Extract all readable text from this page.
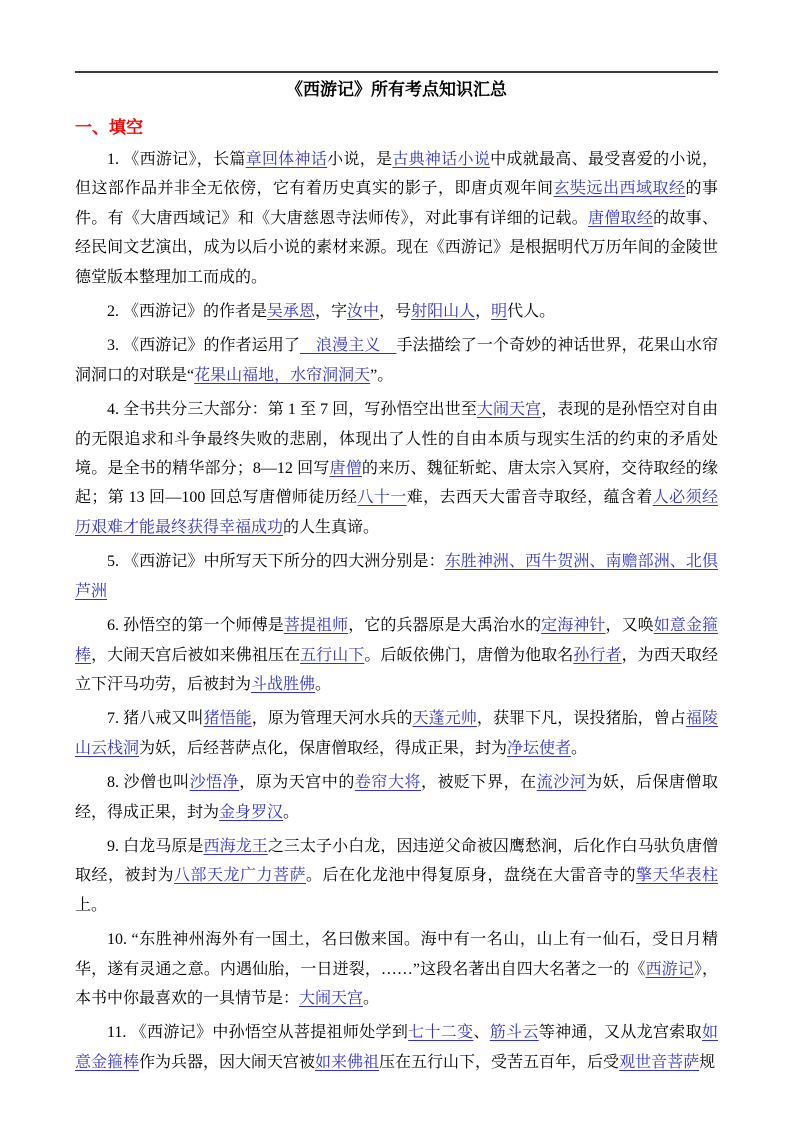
《西游记》所有考点知识汇总
一、填空

1. 《西游记》，长篇章回体神话小说，是古典神话小说中成就最高、最受喜爱的小说，但这部作品并非全无依傍，它有着历史真实的影子，即唐贞观年间玄奘远出西域取经的事件。有《大唐西域记》和《大唐慈恩寺法师传》，对此事有详细的记载。唐僧取经的故事、经民间文艺演出，成为以后小说的素材来源。现在《西游记》是根据明代万历年间的金陵世德堂版本整理加工而成的。

2. 《西游记》的作者是吴承恩，字汝中，号射阳山人，明代人。

3. 《西游记》的作者运用了　浪漫主义　手法描绘了一个奇妙的神话世界，花果山水帘洞洞口的对联是“花果山福地，水帘洞洞天”。

4. 全书共分三大部分：第 1 至 7 回，写孙悟空出世至大闹天宫，表现的是孙悟空对自由的无限追求和斗争最终失败的悲剧，体现出了人性的自由本质与现实生活的约束的矛盾处境。是全书的精华部分；8—12 回写唐僧的来历、魏征斩蛇、唐太宗入冥府，交待取经的缘起；第 13 回—100 回总写唐僧师徒历经八十一难，去西天大雷音寺取经，蕴含着人必须经历艰难才能最终获得幸福成功的人生真谛。

5. 《西游记》中所写天下所分的四大洲分别是：东胜神洲、西牛贺洲、南赡部洲、北俱芦洲

6. 孙悟空的第一个师傅是菩提祖师，它的兵器原是大禹治水的定海神针，又唤如意金箍棒，大闹天宫后被如来佛祖压在五行山下。后皈依佛门，唐僧为他取名孙行者，为西天取经立下汗马功劳，后被封为斗战胜佛。

7. 猪八戒又叫猪悟能，原为管理天河水兵的天蓬元帅，获罪下凡，误投猪胎，曾占福陵山云栈洞为妖，后经菩萨点化，保唐僧取经，得成正果，封为净坛使者。

8. 沙僧也叫沙悟净，原为天宫中的卷帘大将，被贬下界，在流沙河为妖，后保唐僧取经，得成正果，封为金身罗汉。

9. 白龙马原是西海龙王之三太子小白龙，因违逆父命被囚鹰愁涧，后化作白马驮负唐僧取经，被封为八部天龙广力菩萨。后在化龙池中得复原身，盘绕在大雷音寺的擎天华表柱上。

10. “东胜神州海外有一国土，名曰傲来国。海中有一名山，山上有一仙石，受日月精华，遂有灵通之意。内遇仙胎，一日迸裂，……”这段名著出自四大名著之一的《西游记》，本书中你最喜欢的一具情节是：大闹天宫。

11. 《西游记》中孙悟空从菩提祖师处学到七十二变、筋斗云等神通，又从龙宫索取如意金箍棒作为兵器，因大闹天宫被如来佛祖压在五行山下，受苦五百年，后受观世音菩萨规
